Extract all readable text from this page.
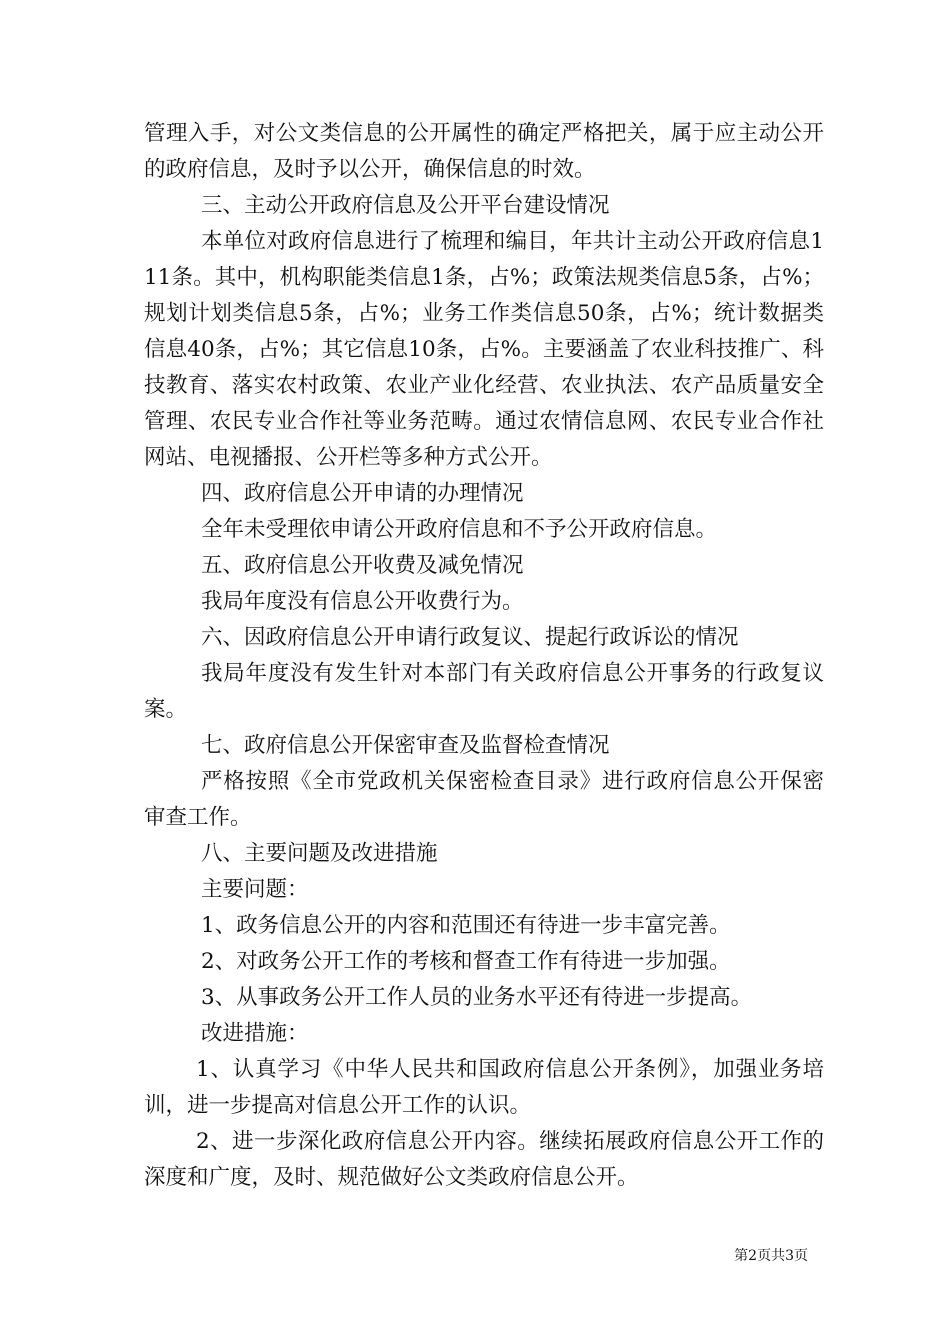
管理入手，对公文类信息的公开属性的确定严格把关，属于应主动公开的政府信息，及时予以公开，确保信息的时效。

三、主动公开政府信息及公开平台建设情况

本单位对政府信息进行了梳理和编目，年共计主动公开政府信息111条。其中，机构职能类信息1条，占%；政策法规类信息5条，占%；规划计划类信息5条，占%；业务工作类信息50条，占%；统计数据类信息40条，占%；其它信息10条，占%。主要涵盖了农业科技推广、科技教育、落实农村政策、农业产业化经营、农业执法、农产品质量安全管理、农民专业合作社等业务范畴。通过农情信息网、农民专业合作社网站、电视播报、公开栏等多种方式公开。

四、政府信息公开申请的办理情况

全年未受理依申请公开政府信息和不予公开政府信息。

五、政府信息公开收费及减免情况

我局年度没有信息公开收费行为。

六、因政府信息公开申请行政复议、提起行政诉讼的情况

我局年度没有发生针对本部门有关政府信息公开事务的行政复议案。

七、政府信息公开保密审查及监督检查情况

严格按照《全市党政机关保密检查目录》进行政府信息公开保密审查工作。

八、主要问题及改进措施

主要问题：

1、政务信息公开的内容和范围还有待进一步丰富完善。

2、对政务公开工作的考核和督查工作有待进一步加强。

3、从事政务公开工作人员的业务水平还有待进一步提高。

改进措施：

1、认真学习《中华人民共和国政府信息公开条例》，加强业务培训，进一步提高对信息公开工作的认识。

2、进一步深化政府信息公开内容。继续拓展政府信息公开工作的深度和广度，及时、规范做好公文类政府信息公开。

第2页共3页
